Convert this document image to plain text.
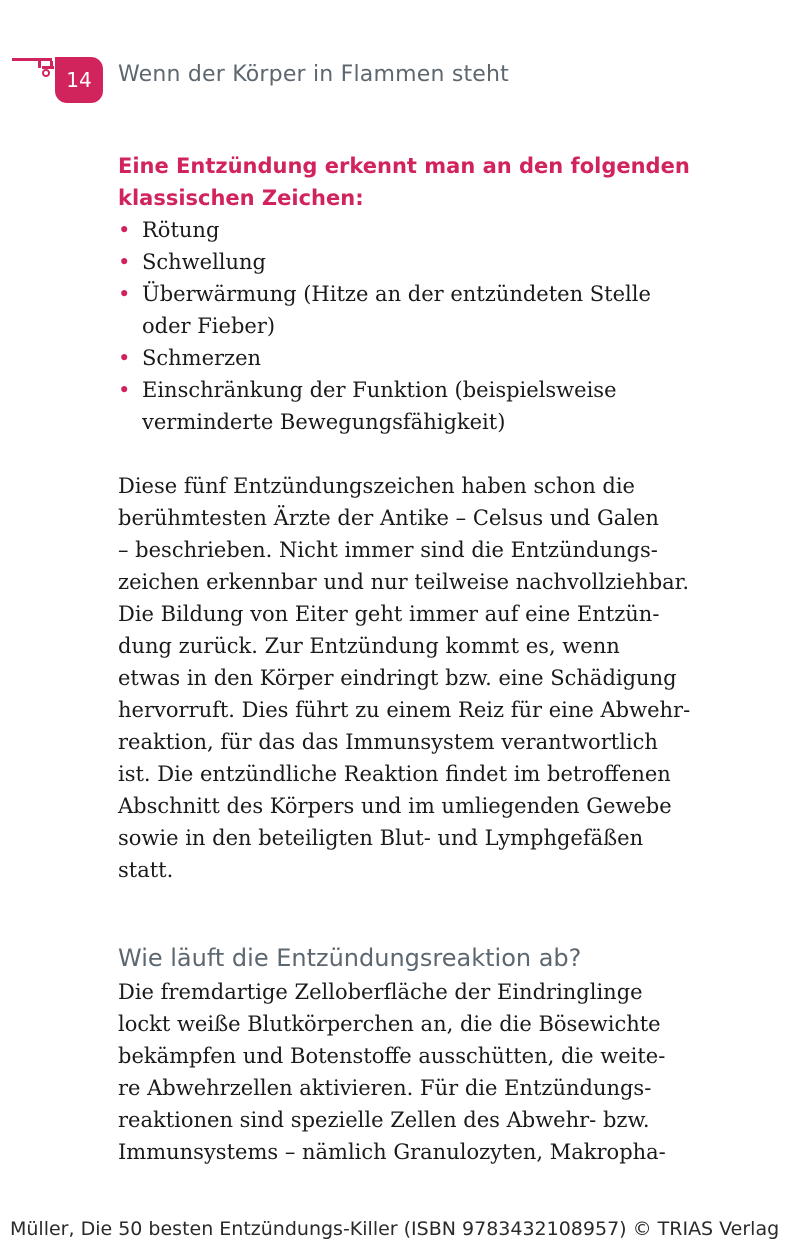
14	Wenn der Körper in Flammen steht
Eine Entzündung erkennt man an den folgenden
klassischen Zeichen:
• Rötung
• Schwellung
• Überwärmung (Hitze an der entzündeten Stelle
oder Fieber)
• Schmerzen
• Einschränkung der Funktion (beispielsweise
verminderte Bewegungsfähigkeit)

Diese fünf Entzündungszeichen haben schon die
berühmtesten Ärzte der Antike – Celsus und Galen
– beschrieben. Nicht immer sind die Entzündungs-
zeichen erkennbar und nur teilweise nachvollziehbar.
Die Bildung von Eiter geht immer auf eine Entzün-
dung zurück. Zur Entzündung kommt es, wenn
etwas in den Körper eindringt bzw. eine Schädigung
hervorruft. Dies führt zu einem Reiz für eine Abwehr-
reaktion, für das das Immunsystem verantwortlich
ist. Die entzündliche Reaktion findet im betroffenen
Abschnitt des Körpers und im umliegenden Gewebe
sowie in den beteiligten Blut- und Lymphgefäßen
statt.

Wie läuft die Entzündungsreaktion ab?

Die fremdartige Zelloberfläche der Eindringlinge
lockt weiße Blutkörperchen an, die die Bösewichte
bekämpfen und Botenstoffe ausschütten, die weite-
re Abwehrzellen aktivieren. Für die Entzündungs-
reaktionen sind spezielle Zellen des Abwehr- bzw.
Immunsystems – nämlich Granulozyten, Makropha-

Müller, Die 50 besten Entzündungs-Killer (ISBN 9783432108957) © TRIAS Verlag
